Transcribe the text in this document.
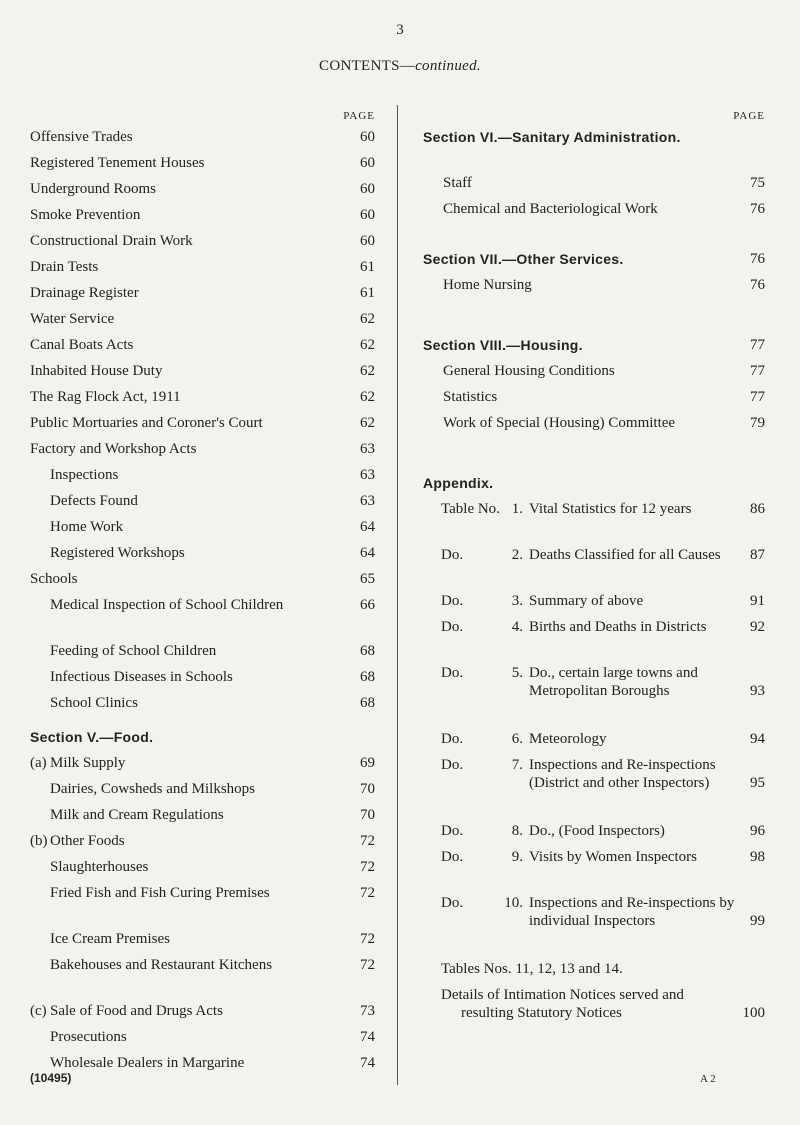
3
CONTENTS—continued.
PAGE
Offensive Trades	60
Registered Tenement Houses	60
Underground Rooms	60
Smoke Prevention	60
Constructional Drain Work	60
Drain Tests	61
Drainage Register	61
Water Service	62
Canal Boats Acts	62
Inhabited House Duty	62
The Rag Flock Act, 1911	62
Public Mortuaries and Coroner's Court	62
Factory and Workshop Acts	63
Inspections	63
Defects Found	63
Home Work	64
Registered Workshops	64
Schools	65
Medical Inspection of School Children	66
Feeding of School Children	68
Infectious Diseases in Schools	68
School Clinics	68
Section V.—Food.
(a) Milk Supply	69
Dairies, Cowsheds and Milkshops	70
Milk and Cream Regulations	70
(b) Other Foods	72
Slaughterhouses	72
Fried Fish and Fish Curing Premises	72
Ice Cream Premises	72
Bakehouses and Restaurant Kitchens	72
(c) Sale of Food and Drugs Acts	73
Prosecutions	74
Wholesale Dealers in Margarine	74
PAGE
Section VI.—Sanitary Administration.
Staff	75
Chemical and Bacteriological Work	76
Section VII.—Other Services.	76
Home Nursing	76
Section VIII.—Housing.	77
General Housing Conditions	77
Statistics	77
Work of Special (Housing) Committee	79
Appendix.
Table No. 1. Vital Statistics for 12 years	86
Do.	2. Deaths Classified for all Causes	87
Do.	3. Summary of above	91
Do.	4. Births and Deaths in Districts	92
Do.	5. Do., certain large towns and Metropolitan Boroughs	93
Do.	6. Meteorology	94
Do.	7. Inspections and Re-inspections (District and other Inspectors)	95
Do.	8. Do., (Food Inspectors)	96
Do.	9. Visits by Women Inspectors	98
Do.	10. Inspections and Re-inspections by individual Inspectors	99
Tables Nos. 11, 12, 13 and 14.
Details of Intimation Notices served and resulting Statutory Notices	100
(10495)	A 2
